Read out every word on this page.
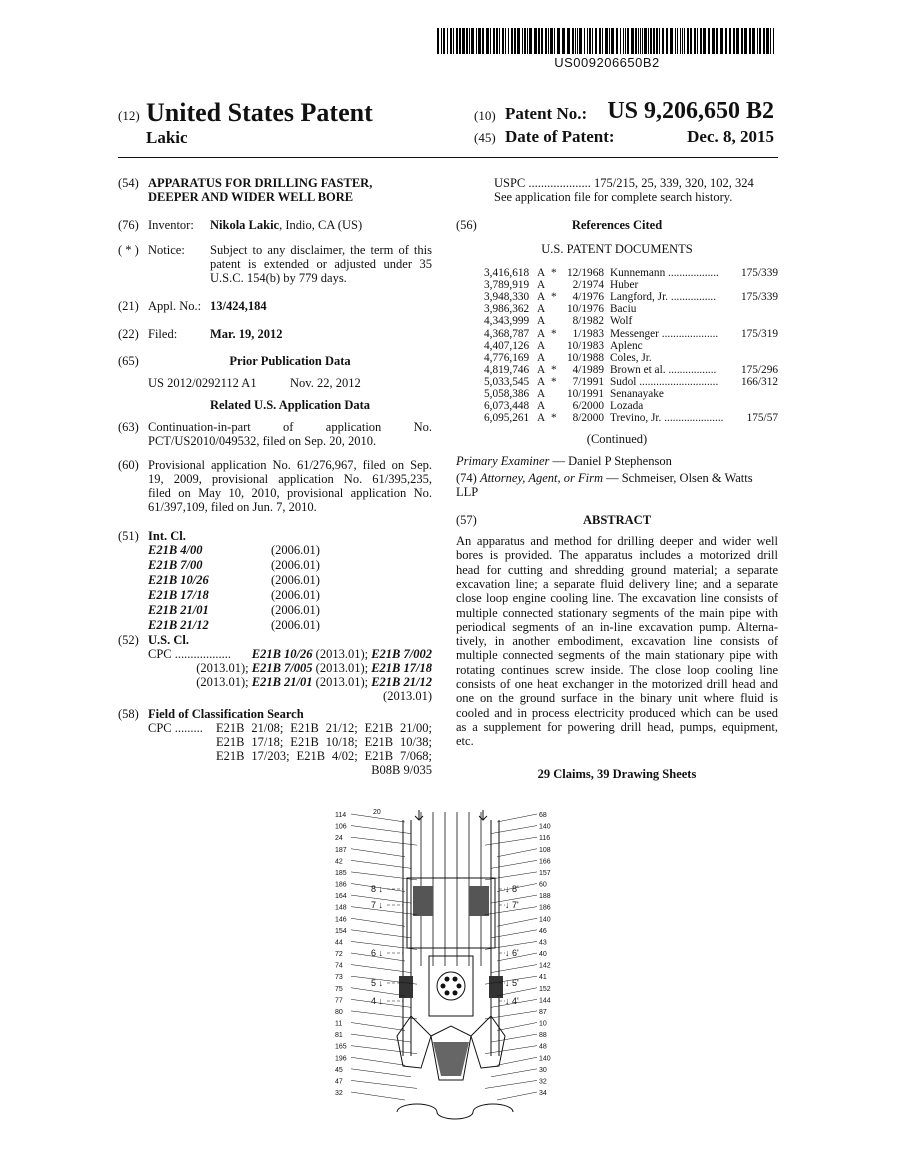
US009206650B2
(12) United States Patent
Lakic
(10) Patent No.: US 9,206,650 B2
(45) Date of Patent:	Dec. 8, 2015
(54) APPARATUS FOR DRILLING FASTER,
DEEPER AND WIDER WELL BORE
(76) Inventor: Nikola Lakic, Indio, CA (US)
( * ) Notice: Subject to any disclaimer, the term of this
patent is extended or adjusted under 35
U.S.C. 154(b) by 779 days.
(21) Appl. No.: 13/424,184
(22) Filed:	Mar. 19, 2012
(65)	Prior Publication Data
US 2012/0292112 A1	Nov. 22, 2012
Related U.S. Application Data
(63) Continuation-in-part      of      application      No.
PCT/US2010/049532, filed on Sep. 20, 2010.
(60) Provisional application No. 61/276,967, filed on Sep.
19, 2009, provisional application No. 61/395,235,
filed on May 10, 2010, provisional application No.
61/397,109, filed on Jun. 7, 2010.
(51) Int. Cl.
E21B 4/00	(2006.01)
E21B 7/00	(2006.01)
E21B 10/26	(2006.01)
E21B 17/18	(2006.01)
E21B 21/01	(2006.01)
E21B 21/12	(2006.01)
(52) U.S. Cl.
CPC .................. E21B 10/26 (2013.01); E21B 7/002
(2013.01); E21B 7/005 (2013.01); E21B 17/18
(2013.01); E21B 21/01 (2013.01); E21B 21/12
(2013.01)
(58) Field of Classification Search
CPC ......... E21B 21/08; E21B 21/12; E21B 21/00;
E21B 17/18; E21B 10/18; E21B 10/38;
E21B 17/203; E21B 4/02; E21B 7/068;
B08B 9/035
USPC .................... 175/215, 25, 339, 320, 102, 324
See application file for complete search history.
(56)	References Cited
U.S. PATENT DOCUMENTS
3,416,618 A * 12/1968 Kunnemann .................. 175/339
3,789,919 A	2/1974 Huber
3,948,330 A *	4/1976 Langford, Jr. ................ 175/339
3,986,362 A	10/1976 Baciu
4,343,999 A	8/1982 Wolf
4,368,787 A *	1/1983 Messenger .................... 175/319
4,407,126 A	10/1983 Aplenc
4,776,169 A	10/1988 Coles, Jr.
4,819,746 A *	4/1989 Brown et al. ................. 175/296
5,033,545 A *	7/1991 Sudol ............................ 166/312
5,058,386 A	10/1991 Senanayake
6,073,448 A	6/2000 Lozada
6,095,261 A *	8/2000 Trevino, Jr. ..................... 175/57
(Continued)
Primary Examiner — Daniel P Stephenson
(74) Attorney, Agent, or Firm — Schmeiser, Olsen & Watts
LLP
(57)	ABSTRACT
An apparatus and method for drilling deeper and wider well
bores is provided. The apparatus includes a motorized drill
head for cutting and shredding ground material; a separate
excavation line; a separate fluid delivery line; and a separate
close loop engine cooling line. The excavation line consists of
multiple connected stationary segments of the main pipe with
periodical segments of an in-line excavation pump. Alterna-
tively, in another embodiment, excavation line consists of
multiple connected segments of the main stationary pipe with
rotating continues screw inside. The close loop cooling line
consists of one heat exchanger in the motorized drill head and
one on the ground surface in the binary unit where fluid is
cooled and in process electricity produced which can be used
as a supplement for powering drill head, pumps, equipment,
etc.
29 Claims, 39 Drawing Sheets
114
106
24
187
42
185
186
164
148
146
154
44
72
74
73
75
77
80
11
81
165
196
45
47
32
68
140
116
108
166
157
60
188
186
140
46
43
40
142
41
152
144
87
10
88
48
140
30
32
34
8 ↓
7 ↓
6 ↓
5 ↓
4 ↓
↓ 8'
↓ 7'
↓ 6'
↓ 5'
↓ 4'
20
